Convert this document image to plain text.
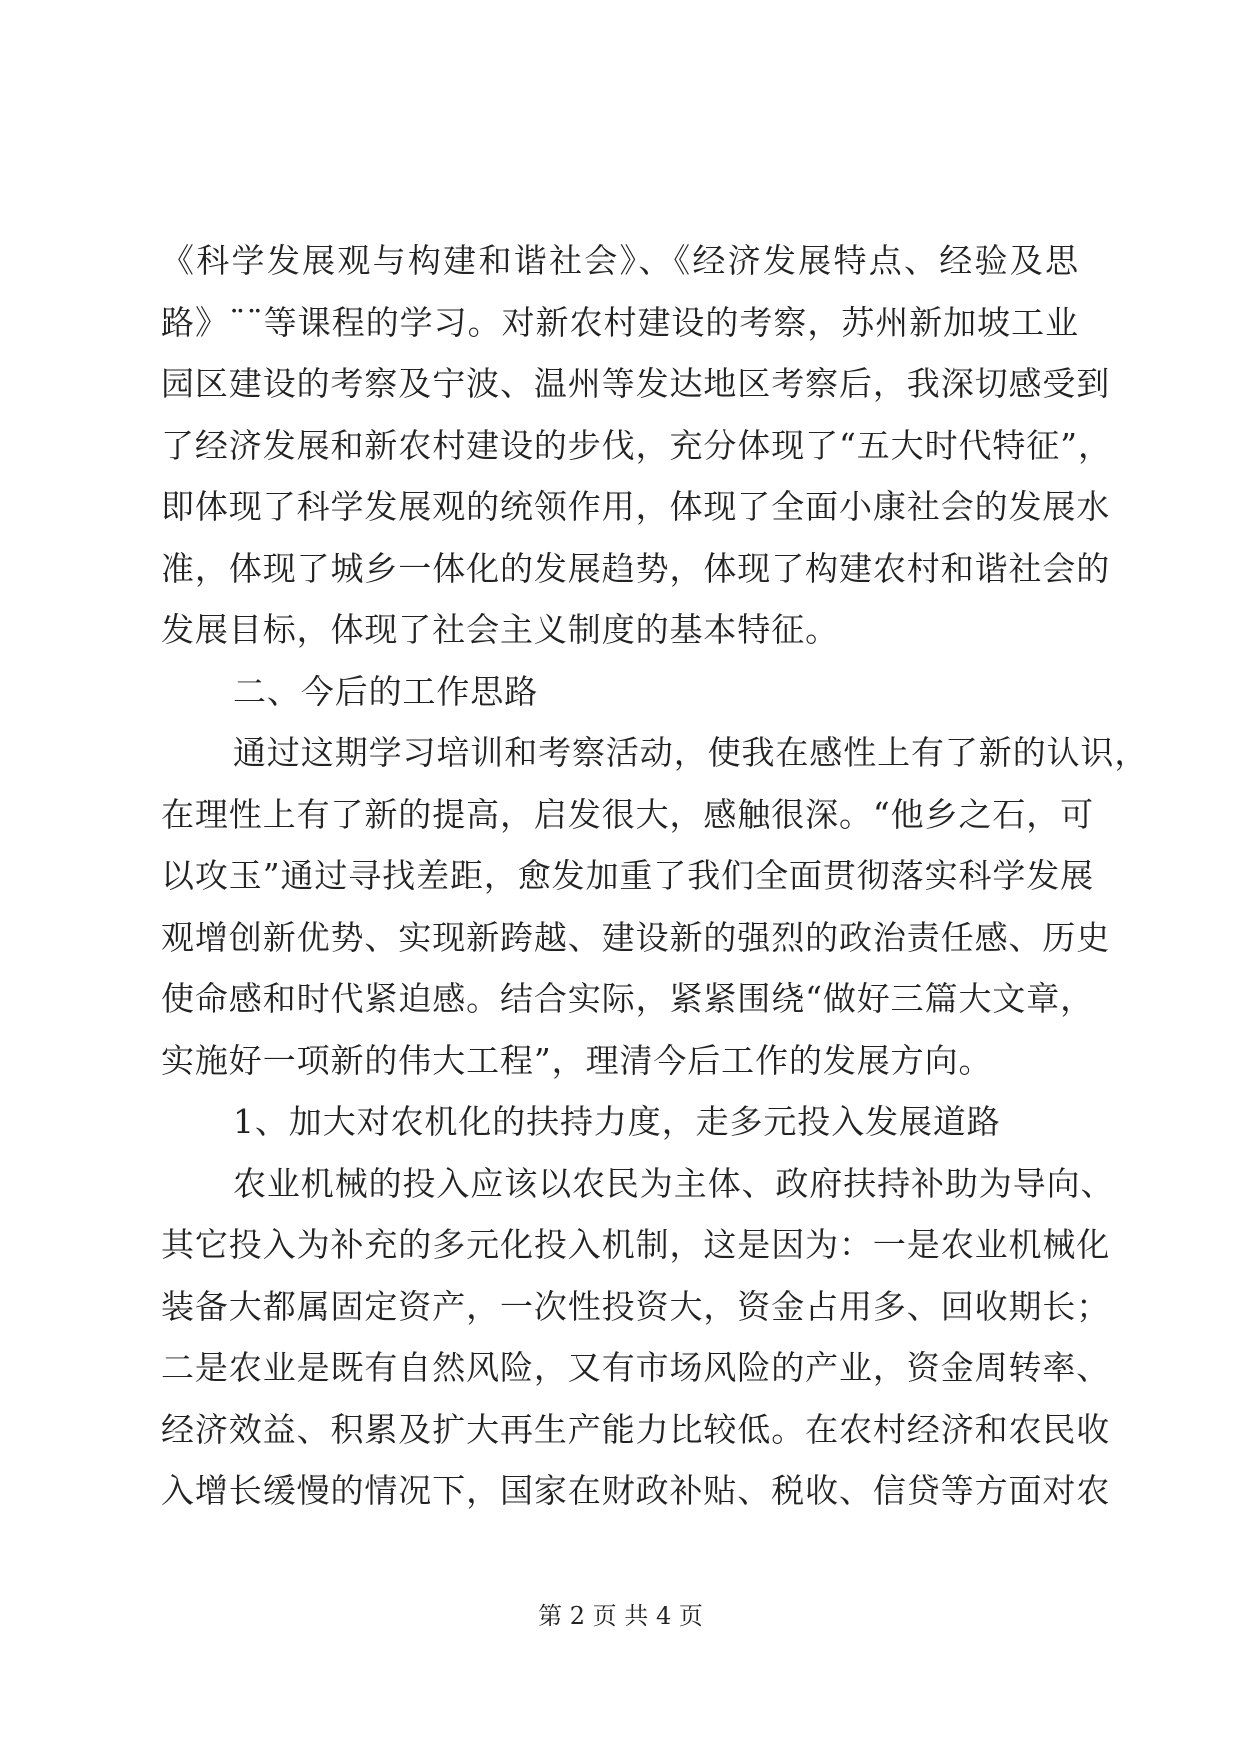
《科学发展观与构建和谐社会》、《经济发展特点、经验及思
路》¨¨等课程的学习。对新农村建设的考察，苏州新加坡工业
园区建设的考察及宁波、温州等发达地区考察后，我深切感受到
了经济发展和新农村建设的步伐，充分体现了“五大时代特征”，
即体现了科学发展观的统领作用，体现了全面小康社会的发展水
准，体现了城乡一体化的发展趋势，体现了构建农村和谐社会的
发展目标，体现了社会主义制度的基本特征。
二、今后的工作思路
通过这期学习培训和考察活动，使我在感性上有了新的认识，
在理性上有了新的提高，启发很大，感触很深。“他乡之石，可
以攻玉”通过寻找差距，愈发加重了我们全面贯彻落实科学发展
观增创新优势、实现新跨越、建设新的强烈的政治责任感、历史
使命感和时代紧迫感。结合实际，紧紧围绕“做好三篇大文章，
实施好一项新的伟大工程”，理清今后工作的发展方向。
1、加大对农机化的扶持力度，走多元投入发展道路
农业机械的投入应该以农民为主体、政府扶持补助为导向、
其它投入为补充的多元化投入机制，这是因为：一是农业机械化
装备大都属固定资产，一次性投资大，资金占用多、回收期长；
二是农业是既有自然风险，又有市场风险的产业，资金周转率、
经济效益、积累及扩大再生产能力比较低。在农村经济和农民收
入增长缓慢的情况下，国家在财政补贴、税收、信贷等方面对农
第 2 页 共 4 页
